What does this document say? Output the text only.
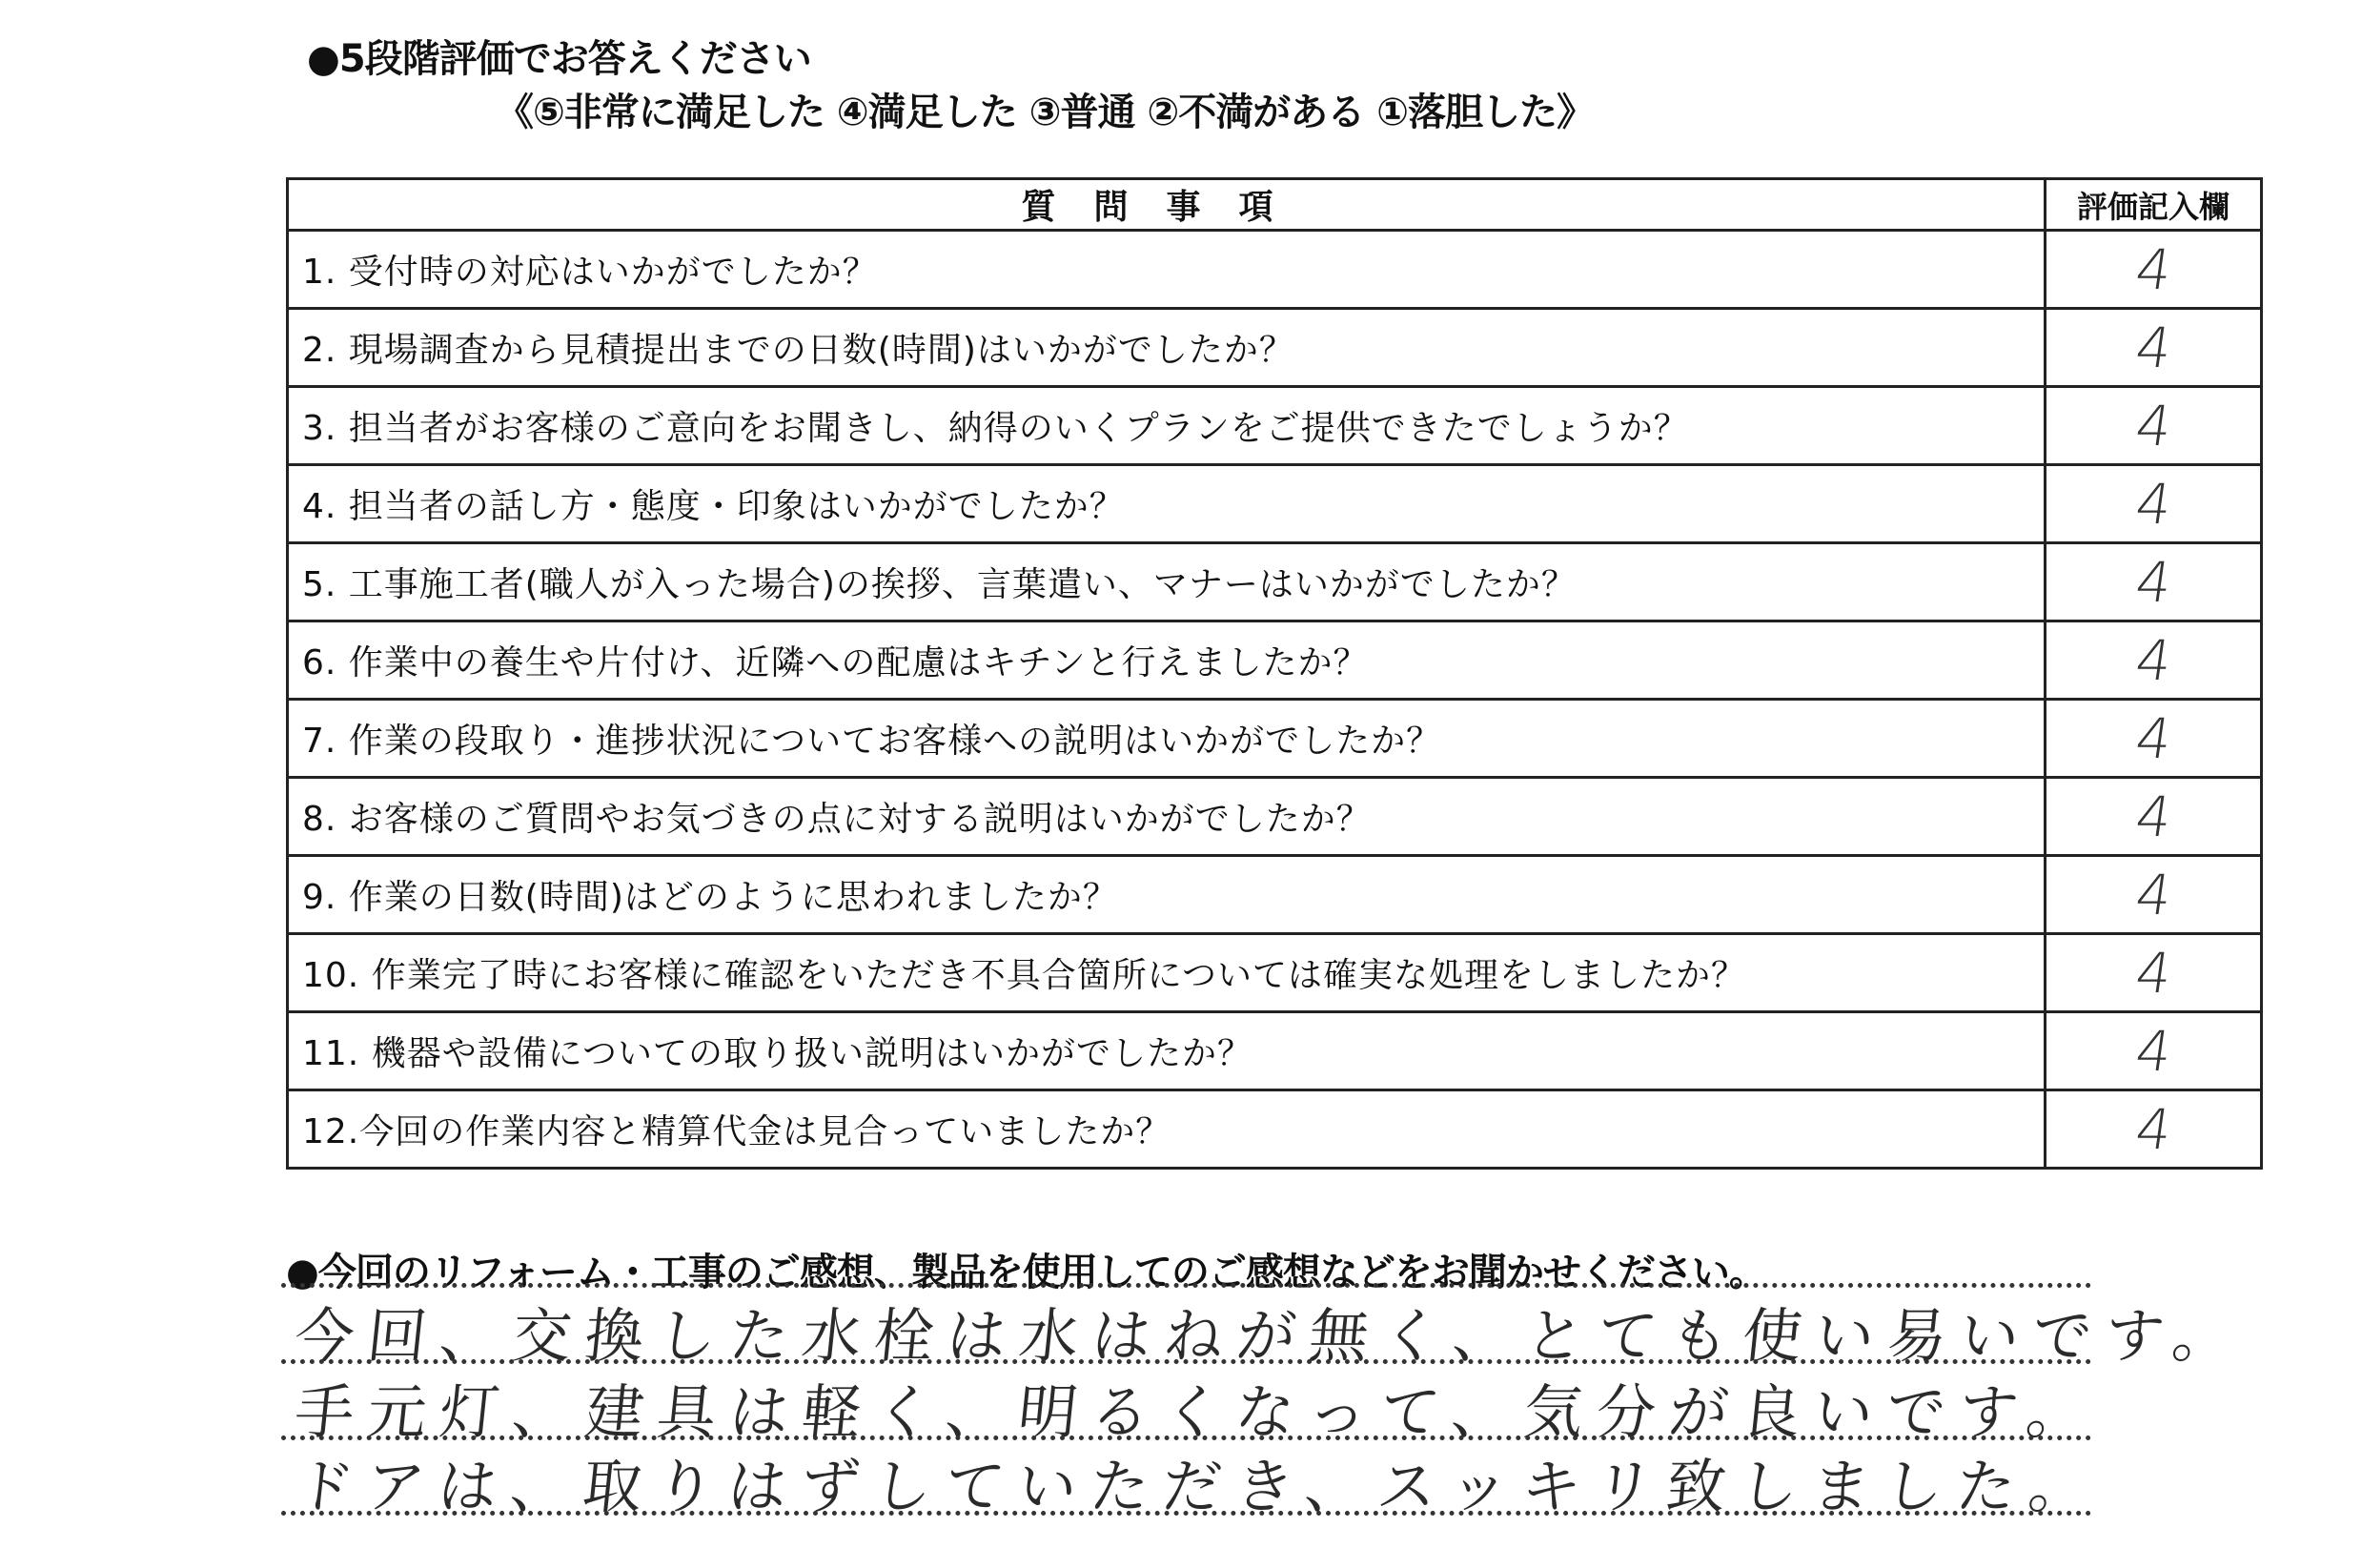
●5段階評価でお答えください
《⑤非常に満足した ④満足した ③普通 ②不満がある ①落胆した》
質問事項	評価記入欄
1. 受付時の対応はいかがでしたか？	4
2. 現場調査から見積提出までの日数(時間)はいかがでしたか？	4
3. 担当者がお客様のご意向をお聞きし、納得のいくプランをご提供できたでしょうか？	4
4. 担当者の話し方・態度・印象はいかがでしたか？	4
5. 工事施工者(職人が入った場合)の挨拶、言葉遣い、マナーはいかがでしたか？	4
6. 作業中の養生や片付け、近隣への配慮はキチンと行えましたか？	4
7. 作業の段取り・進捗状況についてお客様への説明はいかがでしたか？	4
8. お客様のご質問やお気づきの点に対する説明はいかがでしたか？	4
9. 作業の日数(時間)はどのように思われましたか？	4
10. 作業完了時にお客様に確認をいただき不具合箇所については確実な処理をしましたか？	4
11. 機器や設備についての取り扱い説明はいかがでしたか？	4
12.今回の作業内容と精算代金は見合っていましたか？	4
●今回のリフォーム・工事のご感想、製品を使用してのご感想などをお聞かせください。
今回、交換した水栓は水はねが無く、とても使い易いです。
手元灯、建具は軽く、明るくなって、気分が良いです。
ドアは、取りはずしていただき、スッキリ致しました。
